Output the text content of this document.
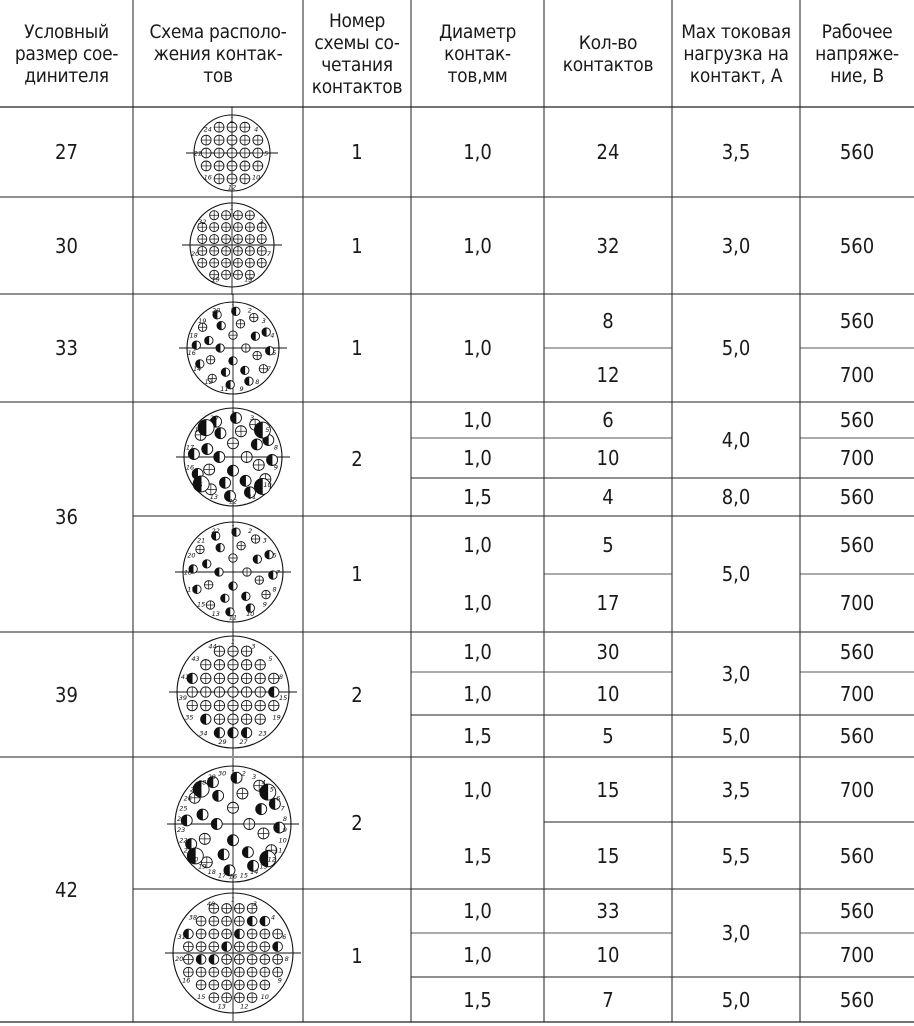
Условный
размер сое-
динителя
Схема располо-
жения контак-
тов
Номер
схемы со-
четания
контактов
Диаметр
контак-
тов,мм
Кол-во
контактов
Max токовая
нагрузка на
контакт, А
Рабочее
напряже-
ние, В
27
30
33
36
39
42
1
4
5
10
12
16
21
24
1
3
7
13
19
20
32
1 2
3
4
5
7
8
9
11
12
14
16
18
19
20
1
3
5
8
9
10
11
12
13
15
16
17
19
20
1 2
3
5
7
8
9
10
11
13
15
17
18
20
21
22
1
3
5
8
15
19
23
27
29
34
35
39
41
43
44
1 2 3
4
5
6
7
8
9
10
11
12
13
14
15
16
17
18
19
20
21
22
23
24
25
26
27
28
29 30
1
3
4
6
8
9
10
12
13
15
16
20
31
38
40
1
1
1
2
1
2
2
1
1,0
1,0
1,0
1,0
1,0
1,5
1,0
1,0
1,0
1,0
1,5
1,0
1,5
1,0
1,0
1,5
24
32
8
12
6
10
4
5
17
30
10
5
15
15
33
10
7
3,5
3,0
5,0
4,0
8,0
5,0
3,0
5,0
3,5
5,5
3,0
5,0
560
560
560
700
560
700
560
560
700
560
700
560
700
560
560
700
560
